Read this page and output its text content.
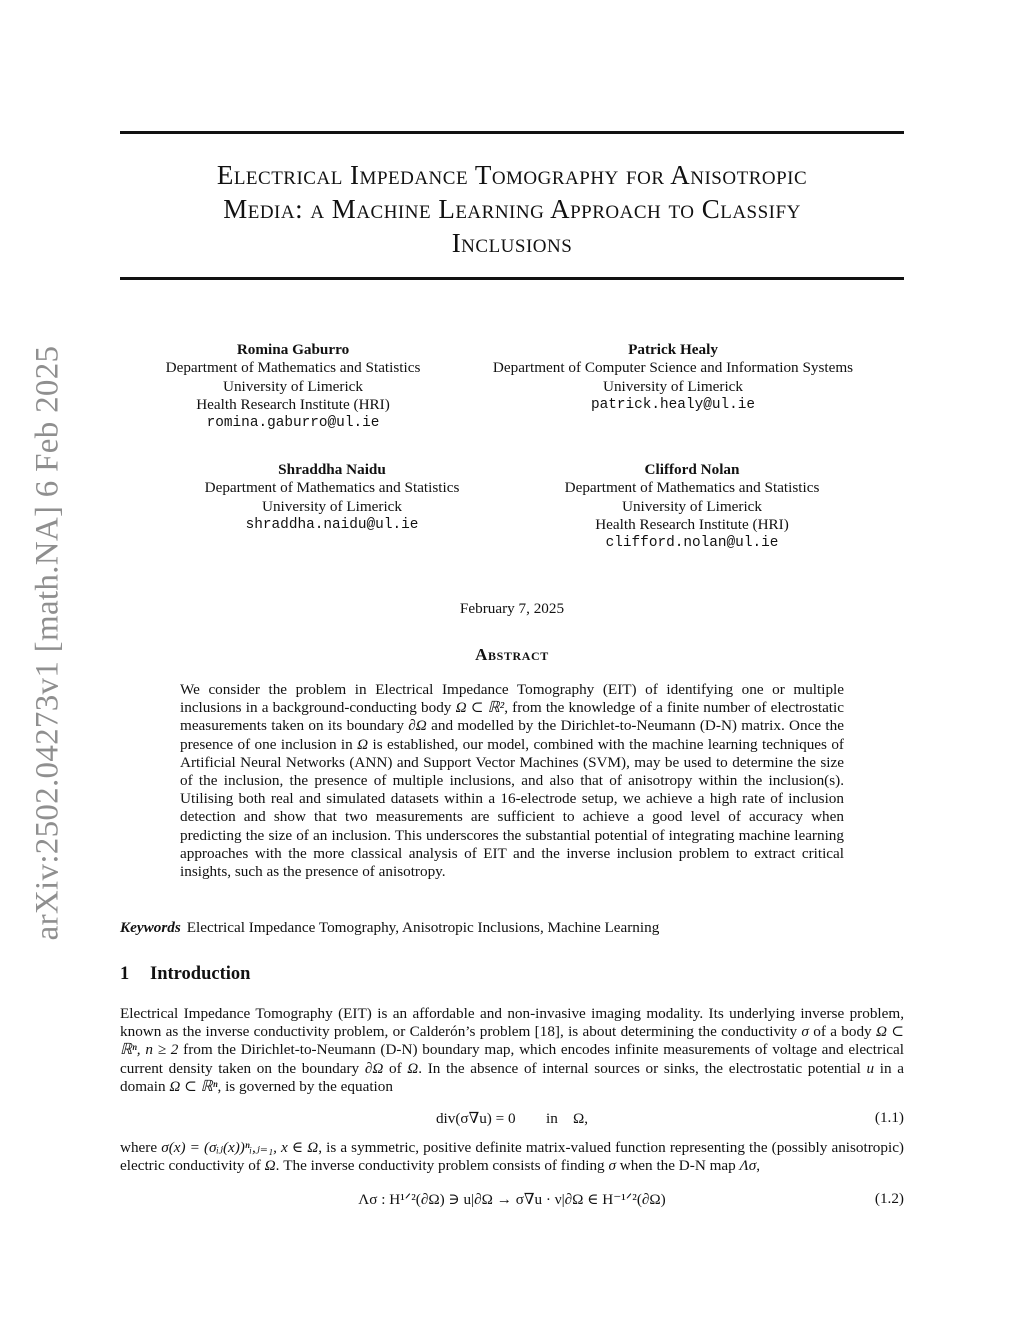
arXiv:2502.04273v1 [math.NA] 6 Feb 2025
Electrical Impedance Tomography for Anisotropic
Media: a Machine Learning Approach to Classify
Inclusions
Romina Gaburro
Department of Mathematics and Statistics
University of Limerick
Health Research Institute (HRI)
romina.gaburro@ul.ie
Patrick Healy
Department of Computer Science and Information Systems
University of Limerick
patrick.healy@ul.ie
Shraddha Naidu
Department of Mathematics and Statistics
University of Limerick
shraddha.naidu@ul.ie
Clifford Nolan
Department of Mathematics and Statistics
University of Limerick
Health Research Institute (HRI)
clifford.nolan@ul.ie
February 7, 2025
Abstract
We consider the problem in Electrical Impedance Tomography (EIT) of identifying one or multiple inclusions in a background-conducting body Ω ⊂ ℝ², from the knowledge of a finite number of electrostatic measurements taken on its boundary ∂Ω and modelled by the Dirichlet-to-Neumann (D-N) matrix. Once the presence of one inclusion in Ω is established, our model, combined with the machine learning techniques of Artificial Neural Networks (ANN) and Support Vector Machines (SVM), may be used to determine the size of the inclusion, the presence of multiple inclusions, and also that of anisotropy within the inclusion(s). Utilising both real and simulated datasets within a 16-electrode setup, we achieve a high rate of inclusion detection and show that two measurements are sufficient to achieve a good level of accuracy when predicting the size of an inclusion. This underscores the substantial potential of integrating machine learning approaches with the more classical analysis of EIT and the inverse inclusion problem to extract critical insights, such as the presence of anisotropy.
Keywords Electrical Impedance Tomography, Anisotropic Inclusions, Machine Learning
1 Introduction
Electrical Impedance Tomography (EIT) is an affordable and non-invasive imaging modality. Its underlying inverse problem, known as the inverse conductivity problem, or Calderón’s problem [18], is about determining the conductivity σ of a body Ω ⊂ ℝⁿ, n ≥ 2 from the Dirichlet-to-Neumann (D-N) boundary map, which encodes infinite measurements of voltage and electrical current density taken on the boundary ∂Ω of Ω. In the absence of internal sources or sinks, the electrostatic potential u in a domain Ω ⊂ ℝⁿ, is governed by the equation
div(σ∇u) = 0        in    Ω,	(1.1)
where σ(x) = (σᵢⱼ(x))ⁿᵢ,ⱼ₌₁, x ∈ Ω, is a symmetric, positive definite matrix-valued function representing the (possibly anisotropic) electric conductivity of Ω. The inverse conductivity problem consists of finding σ when the D-N map Λσ,
Λσ : H¹ᐟ²(∂Ω) ∋ u|∂Ω → σ∇u · ν|∂Ω ∈ H⁻¹ᐟ²(∂Ω)	(1.2)
